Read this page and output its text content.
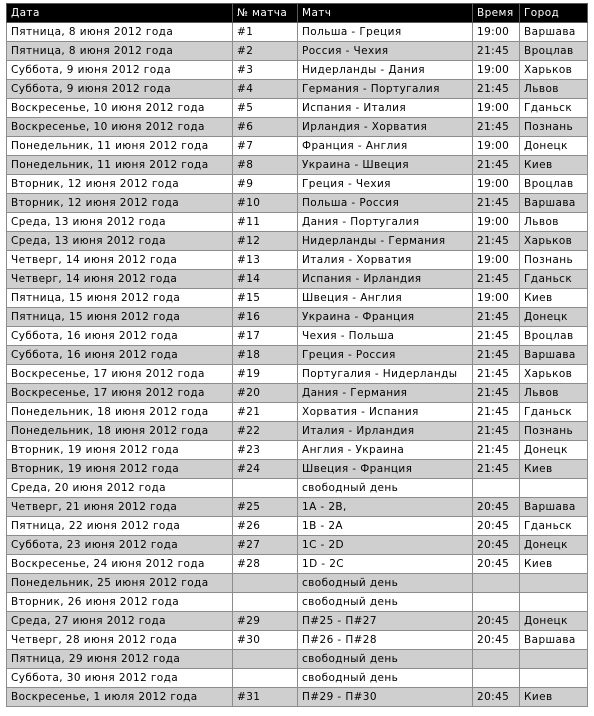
Дата	№ матча	Матч	Время	Город
Пятница, 8 июня 2012 года	#1	Польша - Греция	19:00	Варшава
Пятница, 8 июня 2012 года	#2	Россия - Чехия	21:45	Вроцлав
Суббота, 9 июня 2012 года	#3	Нидерланды - Дания	19:00	Харьков
Суббота, 9 июня 2012 года	#4	Германия - Португалия	21:45	Львов
Воскресенье, 10 июня 2012 года	#5	Испания - Италия	19:00	Гданьск
Воскресенье, 10 июня 2012 года	#6	Ирландия - Хорватия	21:45	Познань
Понедельник, 11 июня 2012 года	#7	Франция - Англия	19:00	Донецк
Понедельник, 11 июня 2012 года	#8	Украина - Швеция	21:45	Киев
Вторник, 12 июня 2012 года	#9	Греция - Чехия	19:00	Вроцлав
Вторник, 12 июня 2012 года	#10	Польша - Россия	21:45	Варшава
Среда, 13 июня 2012 года	#11	Дания - Португалия	19:00	Львов
Среда, 13 июня 2012 года	#12	Нидерланды - Германия	21:45	Харьков
Четверг, 14 июня 2012 года	#13	Италия - Хорватия	19:00	Познань
Четверг, 14 июня 2012 года	#14	Испания - Ирландия	21:45	Гданьск
Пятница, 15 июня 2012 года	#15	Швеция - Англия	19:00	Киев
Пятница, 15 июня 2012 года	#16	Украина - Франция	21:45	Донецк
Суббота, 16 июня 2012 года	#17	Чехия - Польша	21:45	Вроцлав
Суббота, 16 июня 2012 года	#18	Греция - Россия	21:45	Варшава
Воскресенье, 17 июня 2012 года	#19	Португалия - Нидерланды	21:45	Харьков
Воскресенье, 17 июня 2012 года	#20	Дания - Германия	21:45	Львов
Понедельник, 18 июня 2012 года	#21	Хорватия - Испания	21:45	Гданьск
Понедельник, 18 июня 2012 года	#22	Италия - Ирландия	21:45	Познань
Вторник, 19 июня 2012 года	#23	Англия - Украина	21:45	Донецк
Вторник, 19 июня 2012 года	#24	Швеция - Франция	21:45	Киев
Среда, 20 июня 2012 года		свободный день		
Четверг, 21 июня 2012 года	#25	1А - 2В,	20:45	Варшава
Пятница, 22 июня 2012 года	#26	1В - 2А	20:45	Гданьск
Суббота, 23 июня 2012 года	#27	1С - 2D	20:45	Донецк
Воскресенье, 24 июня 2012 года	#28	1D - 2C	20:45	Киев
Понедельник, 25 июня 2012 года		свободный день		
Вторник, 26 июня 2012 года		свободный день		
Среда, 27 июня 2012 года	#29	П#25 - П#27	20:45	Донецк
Четверг, 28 июня 2012 года	#30	П#26 - П#28	20:45	Варшава
Пятница, 29 июня 2012 года		свободный день		
Суббота, 30 июня 2012 года		свободный день		
Воскресенье, 1 июля 2012 года	#31	П#29 - П#30	20:45	Киев
